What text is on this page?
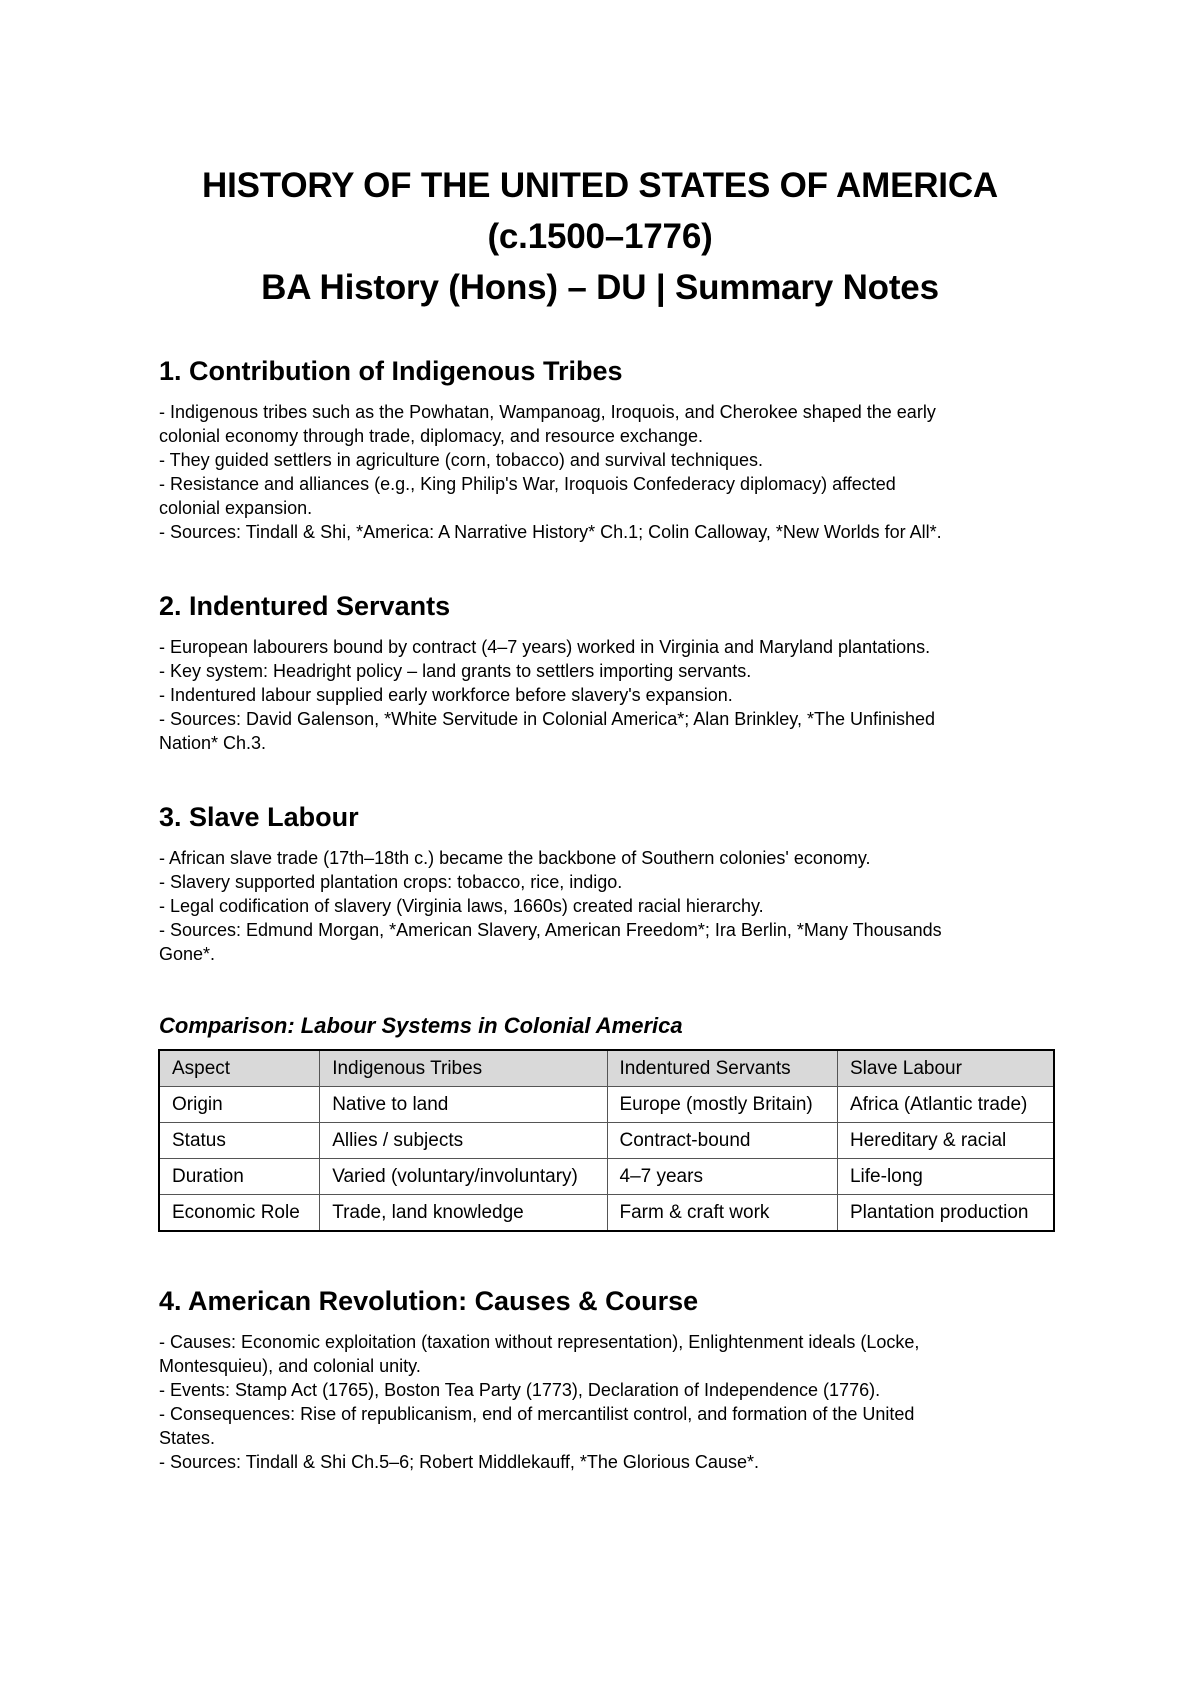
HISTORY OF THE UNITED STATES OF AMERICA
(c.1500–1776)
BA History (Hons) – DU | Summary Notes
1. Contribution of Indigenous Tribes
- Indigenous tribes such as the Powhatan, Wampanoag, Iroquois, and Cherokee shaped the early
colonial economy through trade, diplomacy, and resource exchange.
- They guided settlers in agriculture (corn, tobacco) and survival techniques.
- Resistance and alliances (e.g., King Philip's War, Iroquois Confederacy diplomacy) affected
colonial expansion.
- Sources: Tindall & Shi, *America: A Narrative History* Ch.1; Colin Calloway, *New Worlds for All*.
2. Indentured Servants
- European labourers bound by contract (4–7 years) worked in Virginia and Maryland plantations.
- Key system: Headright policy – land grants to settlers importing servants.
- Indentured labour supplied early workforce before slavery's expansion.
- Sources: David Galenson, *White Servitude in Colonial America*; Alan Brinkley, *The Unfinished
Nation* Ch.3.
3. Slave Labour
- African slave trade (17th–18th c.) became the backbone of Southern colonies' economy.
- Slavery supported plantation crops: tobacco, rice, indigo.
- Legal codification of slavery (Virginia laws, 1660s) created racial hierarchy.
- Sources: Edmund Morgan, *American Slavery, American Freedom*; Ira Berlin, *Many Thousands
Gone*.
Comparison: Labour Systems in Colonial America
Aspect	Indigenous Tribes	Indentured Servants	Slave Labour
Origin	Native to land	Europe (mostly Britain)	Africa (Atlantic trade)
Status	Allies / subjects	Contract-bound	Hereditary & racial
Duration	Varied (voluntary/involuntary)	4–7 years	Life-long
Economic Role	Trade, land knowledge	Farm & craft work	Plantation production
4. American Revolution: Causes & Course
- Causes: Economic exploitation (taxation without representation), Enlightenment ideals (Locke,
Montesquieu), and colonial unity.
- Events: Stamp Act (1765), Boston Tea Party (1773), Declaration of Independence (1776).
- Consequences: Rise of republicanism, end of mercantilist control, and formation of the United
States.
- Sources: Tindall & Shi Ch.5–6; Robert Middlekauff, *The Glorious Cause*.
